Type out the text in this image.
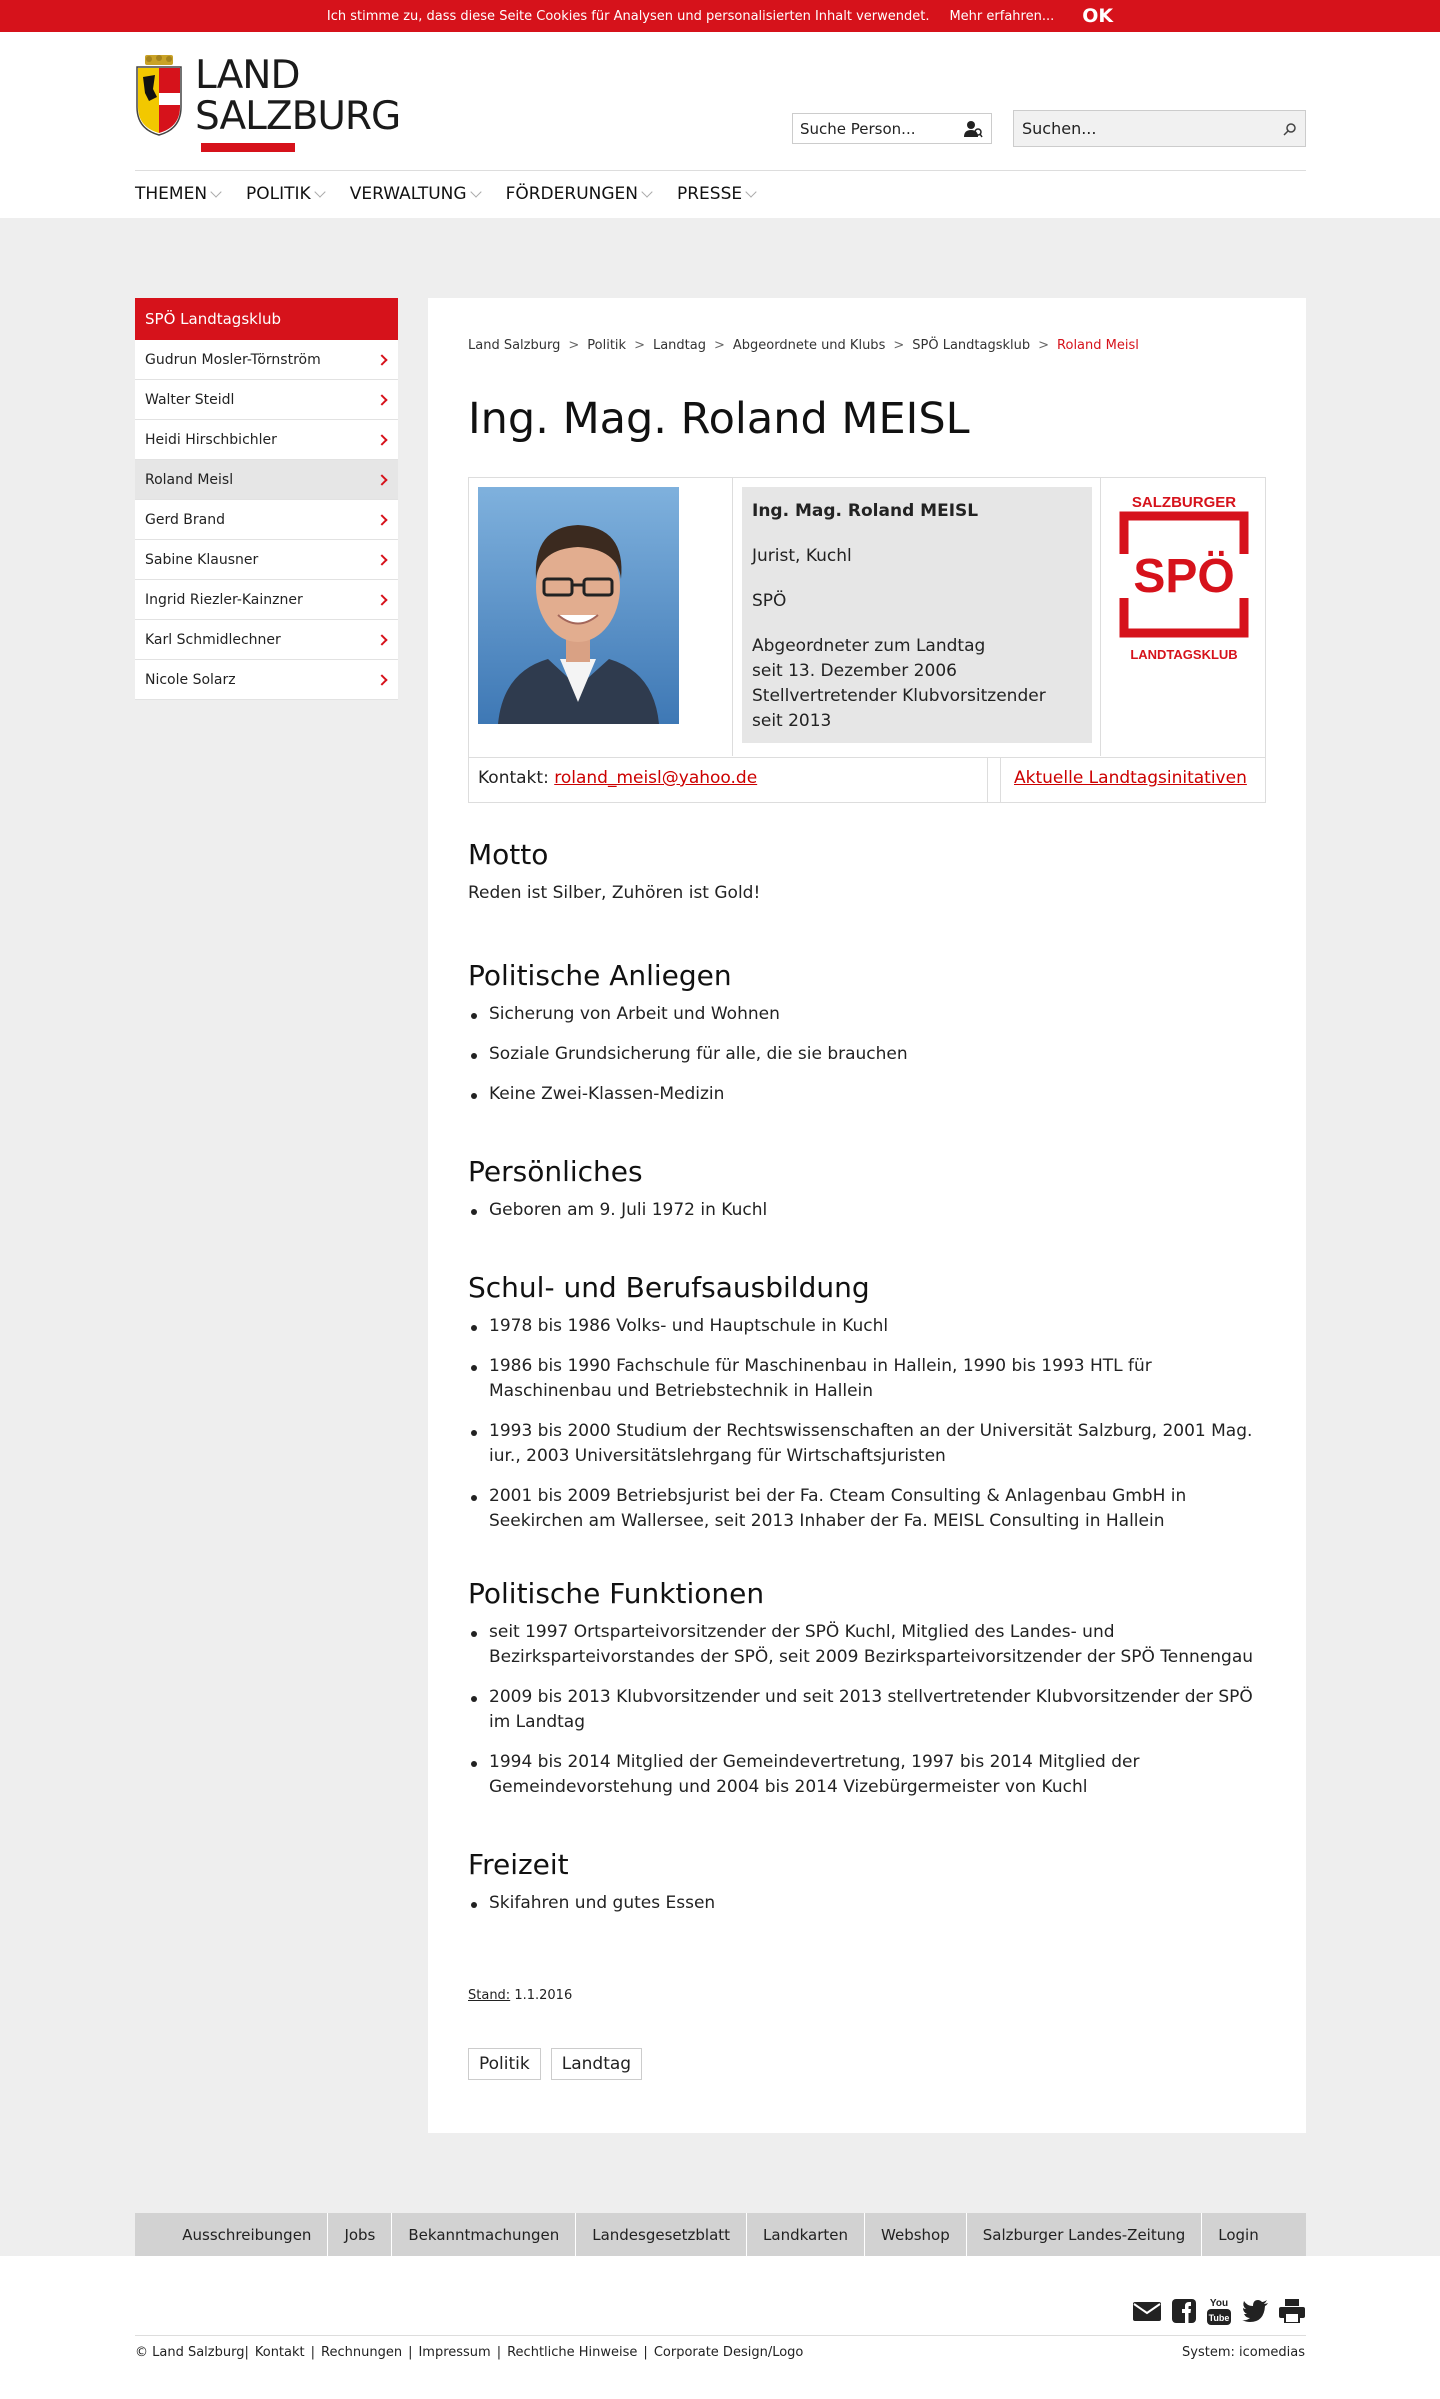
Ich stimme zu, dass diese Seite Cookies für Analysen und personalisierten Inhalt verwendet. Mehr erfahren... OK
LAND
SALZBURG	Suche Person...	Suchen...
THEMEN POLITIK VERWALTUNG FÖRDERUNGEN PRESSE
SPÖ Landtagsklub
Gudrun Mosler-Törnström
Walter Steidl
Heidi Hirschbichler
Roland Meisl
Gerd Brand
Sabine Klausner
Ingrid Riezler-Kainzner
Karl Schmidlechner
Nicole Solarz
Land Salzburg > Politik > Landtag > Abgeordnete und Klubs > SPÖ Landtagsklub > Roland Meisl
Ing. Mag. Roland MEISL
Ing. Mag. Roland MEISL

Jurist, Kuchl

SPÖ

Abgeordneter zum Landtag
seit 13. Dezember 2006
Stellvertretender Klubvorsitzender
seit 2013
SALZBURGER
SPÖ
LANDTAGSKLUB
Kontakt: roland_meisl@yahoo.de	Aktuelle Landtagsinitativen
Motto
Reden ist Silber, Zuhören ist Gold!
Politische Anliegen
Sicherung von Arbeit und Wohnen
Soziale Grundsicherung für alle, die sie brauchen
Keine Zwei-Klassen-Medizin
Persönliches
Geboren am 9. Juli 1972 in Kuchl
Schul- und Berufsausbildung
1978 bis 1986 Volks- und Hauptschule in Kuchl
1986 bis 1990 Fachschule für Maschinenbau in Hallein, 1990 bis 1993 HTL für Maschinenbau und Betriebstechnik in Hallein
1993 bis 2000 Studium der Rechtswissenschaften an der Universität Salzburg, 2001 Mag. iur., 2003 Universitätslehrgang für Wirtschaftsjuristen
2001 bis 2009 Betriebsjurist bei der Fa. Cteam Consulting & Anlagenbau GmbH in Seekirchen am Wallersee, seit 2013 Inhaber der Fa. MEISL Consulting in Hallein
Politische Funktionen
seit 1997 Ortsparteivorsitzender der SPÖ Kuchl, Mitglied des Landes- und Bezirksparteivorstandes der SPÖ, seit 2009 Bezirksparteivorsitzender der SPÖ Tennengau
2009 bis 2013 Klubvorsitzender und seit 2013 stellvertretender Klubvorsitzender der SPÖ im Landtag
1994 bis 2014 Mitglied der Gemeindevertretung, 1997 bis 2014 Mitglied der Gemeindevorstehung und 2004 bis 2014 Vizebürgermeister von Kuchl
Freizeit
Skifahren und gutes Essen
Stand: 1.1.2016
Politik	Landtag
Ausschreibungen	Jobs	Bekanntmachungen	Landesgesetzblatt	Landkarten	Webshop	Salzburger Landes-Zeitung	Login
You
Tube
© Land Salzburg| Kontakt | Rechnungen | Impressum | Rechtliche Hinweise | Corporate Design/Logo	System: icomedias
